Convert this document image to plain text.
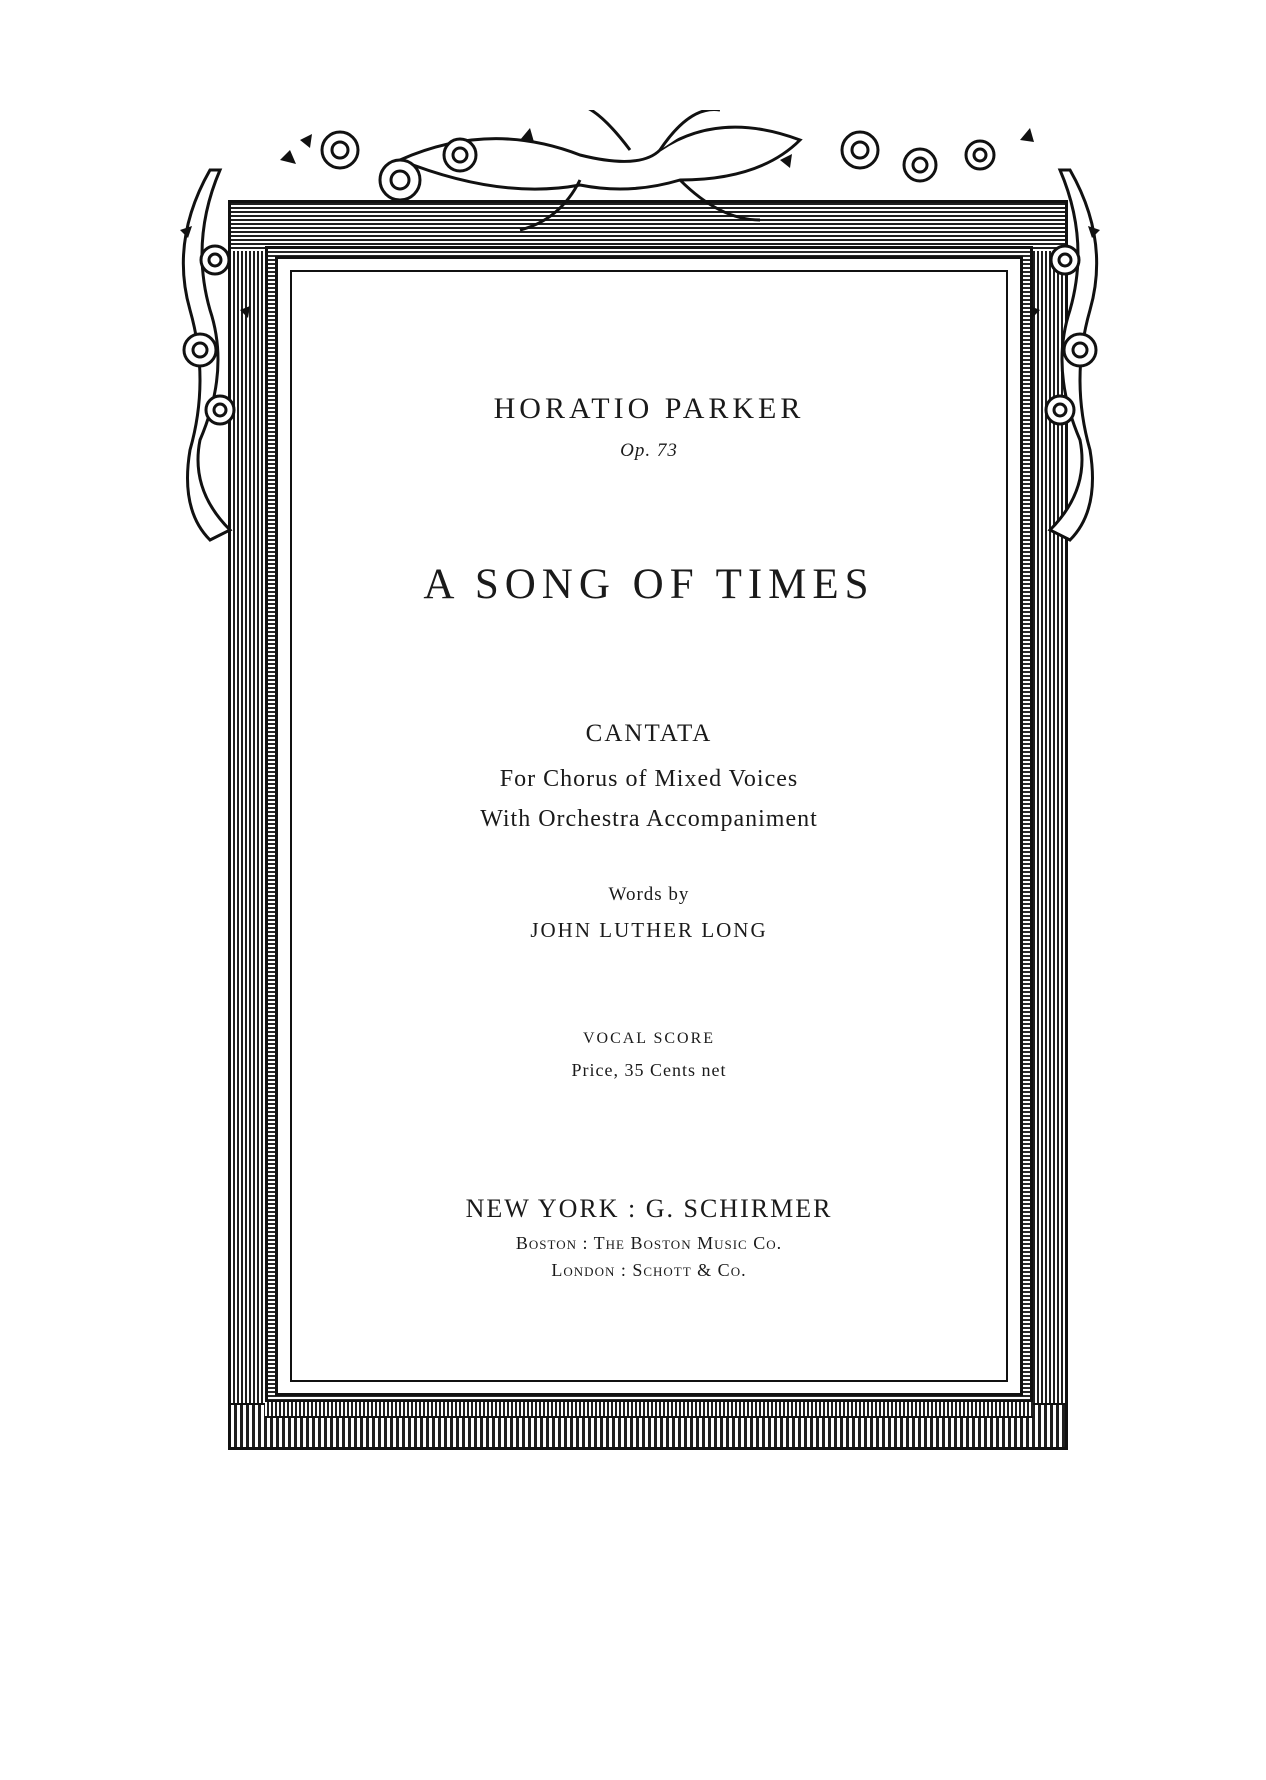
HORATIO PARKER
Op. 73
A SONG OF TIMES
CANTATA
For Chorus of Mixed Voices
With Orchestra Accompaniment
Words by
JOHN LUTHER LONG
VOCAL SCORE
Price, 35 Cents net
NEW YORK : G. SCHIRMER
Boston : The Boston Music Co.
London : Schott & Co.
